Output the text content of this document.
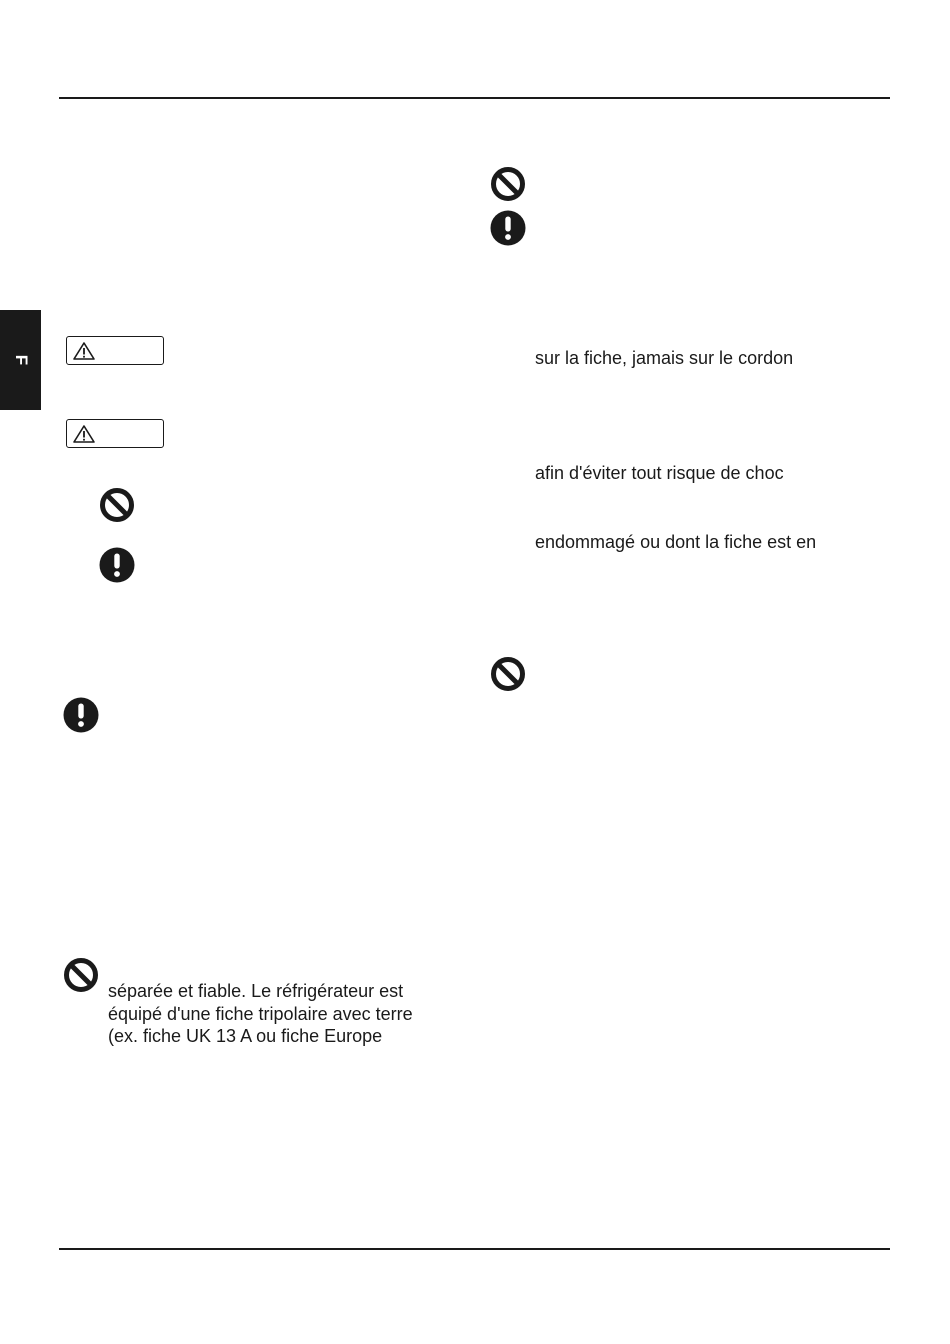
F
séparée et fiable. Le réfrigérateur est
équipé d'une fiche tripolaire avec terre
(ex. fiche UK 13 A ou fiche Europe
sur la fiche, jamais sur le cordon
afin d'éviter tout risque de choc
endommagé ou dont la fiche est en
